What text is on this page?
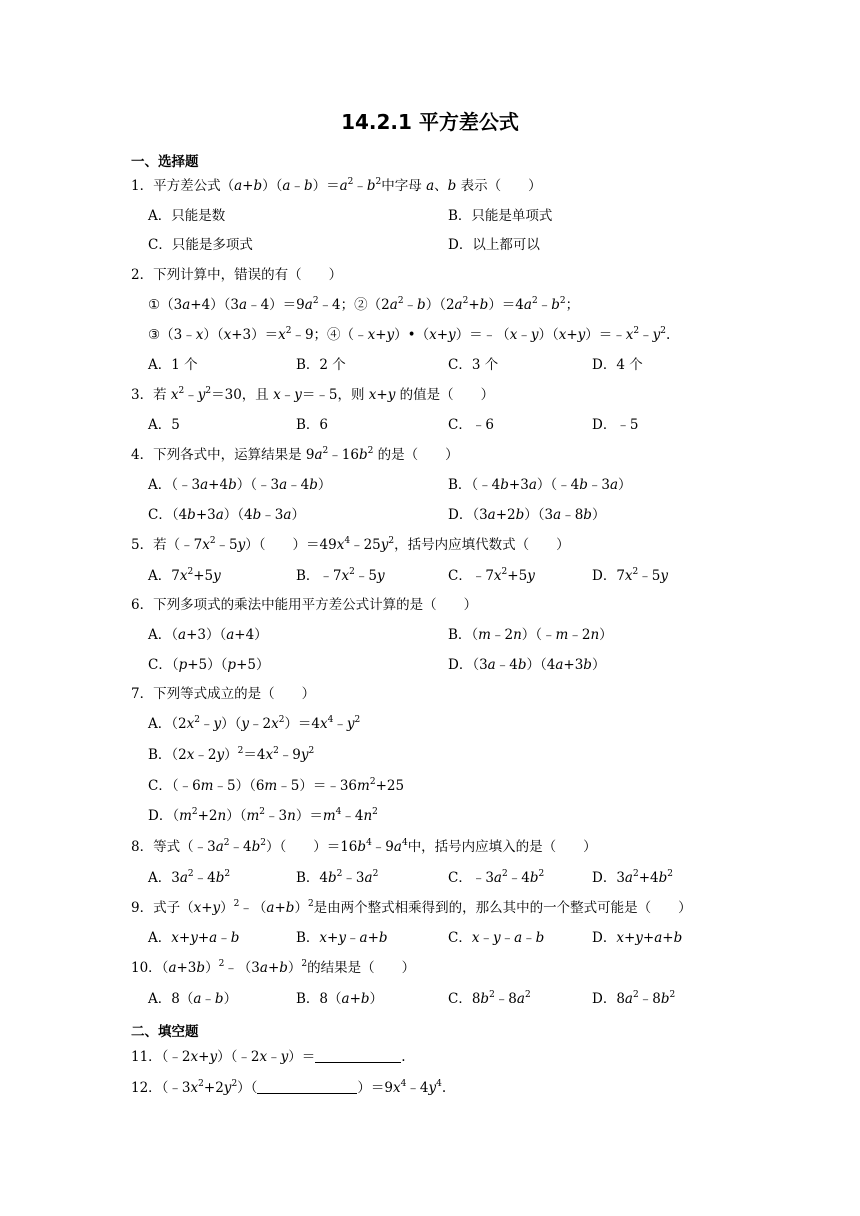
14.2.1 平方差公式
一、选择题
1．平方差公式$(a+b)(a﹣b)=a^2﹣b^2$中字母 a、b 表示（　　）
A．只能是数	B．只能是单项式
C．只能是多项式	D．以上都可以
2．下列计算中，错误的有（　　）
$①(3a+4)(3a﹣4)=9a^2﹣4$；$②(2a^2﹣b)(2a^2+b)=4a^2﹣b^2$；
$③(3﹣x)(x+3)=x^2﹣9$；$④(﹣x+y)•(x+y)=﹣(x﹣y)(x+y)=﹣x^2﹣y^2$.
A．1 个	B．2 个	C．3 个	D．4 个
3．若 $x^2﹣y^2=30$，且 x﹣y＝﹣5，则 x+y 的值是（　　）
A．5	B．6	C．﹣6	D．﹣5
4．下列各式中，运算结果是 $9a^2﹣16b^2$ 的是（　　）
A．（﹣3a+4b）（﹣3a﹣4b）	B．（﹣4b+3a）（﹣4b﹣3a）
C．（4b+3a）（4b﹣3a）	D．（3a+2b）（3a﹣8b）
5．若$(﹣7x^2﹣5y)$（　　）$=49x^4﹣25y^2$，括号内应填代数式（　　）
A．$7x^2+5y$	B．$﹣7x^2﹣5y$	C．$﹣7x^2+5y$	D．$7x^2﹣5y$
6．下列多项式的乘法中能用平方差公式计算的是（　　）
A．（a+3）（a+4）	B．（m﹣2n）（﹣m﹣2n）
C．（p+5）（p+5）	D．（3a﹣4b）（4a+3b）
7．下列等式成立的是（　　）
A．$(2x^2﹣y)(y﹣2x^2)=4x^4﹣y^2$
B．$(2x﹣2y)^2=4x^2﹣9y^2$
C．$(﹣6m﹣5)(6m﹣5)=﹣36m^2+25$
D．$(m^2+2n)(m^2﹣3n)=m^4﹣4n^2$
8．等式$(﹣3a^2﹣4b^2)$（　　）$=16b^4﹣9a^4$中，括号内应填入的是（　　）
A．$3a^2﹣4b^2$	B．$4b^2﹣3a^2$	C．$﹣3a^2﹣4b^2$	D．$3a^2+4b^2$
9．式子$(x+y)^2﹣(a+b)^2$是由两个整式相乘得到的，那么其中的一个整式可能是（　　）
A．x+y+a﹣b	B．x+y﹣a+b	C．x﹣y﹣a﹣b	D．x+y+a+b
10．$(a+3b)^2﹣(3a+b)^2$的结果是（　　）
A．8（a﹣b）	B．8（a+b）	C．$8b^2﹣8a^2$	D．$8a^2﹣8b^2$
二、填空题
11．（﹣2x+y）（﹣2x﹣y）＝	.
12．$(﹣3x^2+2y^2)$（	）$=9x^4﹣4y^4$.
